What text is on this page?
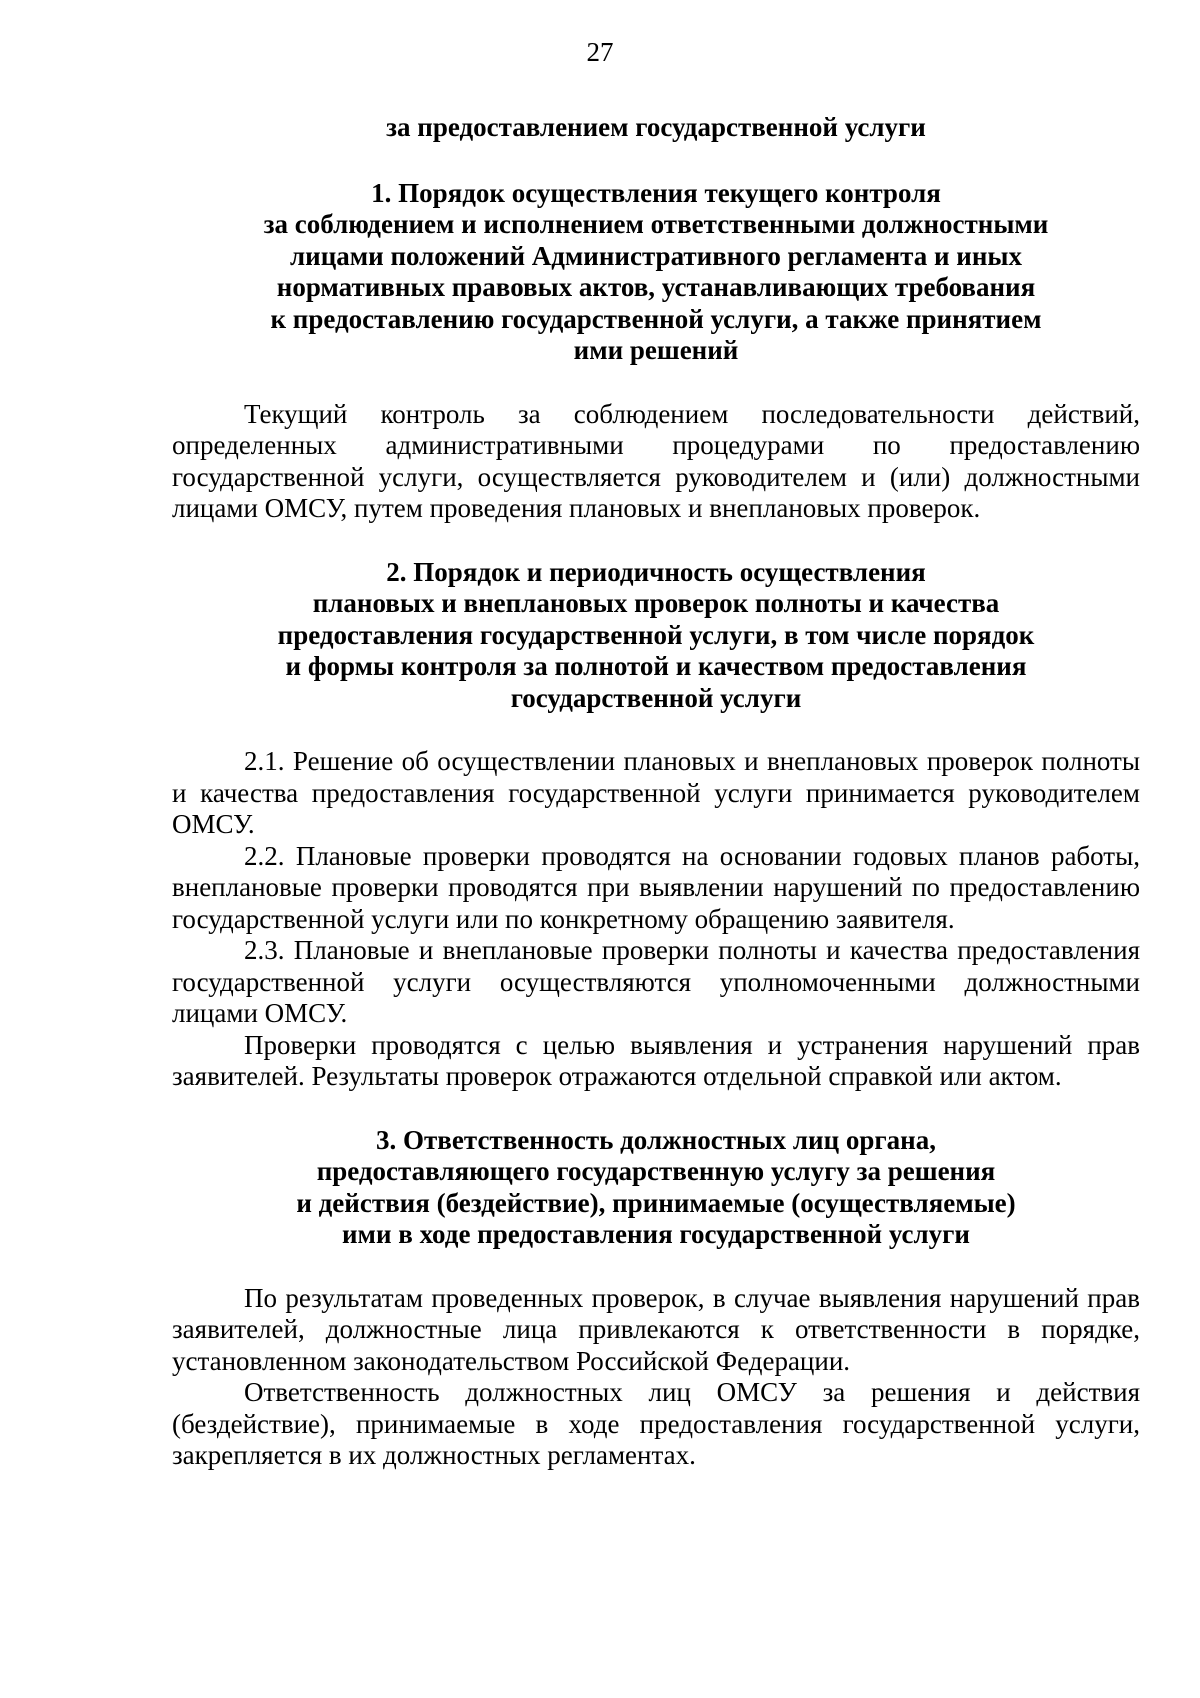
27

за предоставлением государственной услуги

1. Порядок осуществления текущего контроля
за соблюдением и исполнением ответственными должностными
лицами положений Административного регламента и иных
нормативных правовых актов, устанавливающих требования
к предоставлению государственной услуги, а также принятием
ими решений

Текущий контроль за соблюдением последовательности действий, определенных административными процедурами по предоставлению государственной услуги, осуществляется руководителем и (или) должностными лицами ОМСУ, путем проведения плановых и внеплановых проверок.

2. Порядок и периодичность осуществления
плановых и внеплановых проверок полноты и качества
предоставления государственной услуги, в том числе порядок
и формы контроля за полнотой и качеством предоставления
государственной услуги

2.1. Решение об осуществлении плановых и внеплановых проверок полноты и качества предоставления государственной услуги принимается руководителем ОМСУ.

2.2. Плановые проверки проводятся на основании годовых планов работы, внеплановые проверки проводятся при выявлении нарушений по предоставлению государственной услуги или по конкретному обращению заявителя.

2.3. Плановые и внеплановые проверки полноты и качества предоставления государственной услуги осуществляются уполномоченными должностными лицами ОМСУ.

Проверки проводятся с целью выявления и устранения нарушений прав заявителей. Результаты проверок отражаются отдельной справкой или актом.

3. Ответственность должностных лиц органа,
предоставляющего государственную услугу за решения
и действия (бездействие), принимаемые (осуществляемые)
ими в ходе предоставления государственной услуги

По результатам проведенных проверок, в случае выявления нарушений прав заявителей, должностные лица привлекаются к ответственности в порядке, установленном законодательством Российской Федерации.

Ответственность должностных лиц ОМСУ за решения и действия (бездействие), принимаемые в ходе предоставления государственной услуги, закрепляется в их должностных регламентах.
